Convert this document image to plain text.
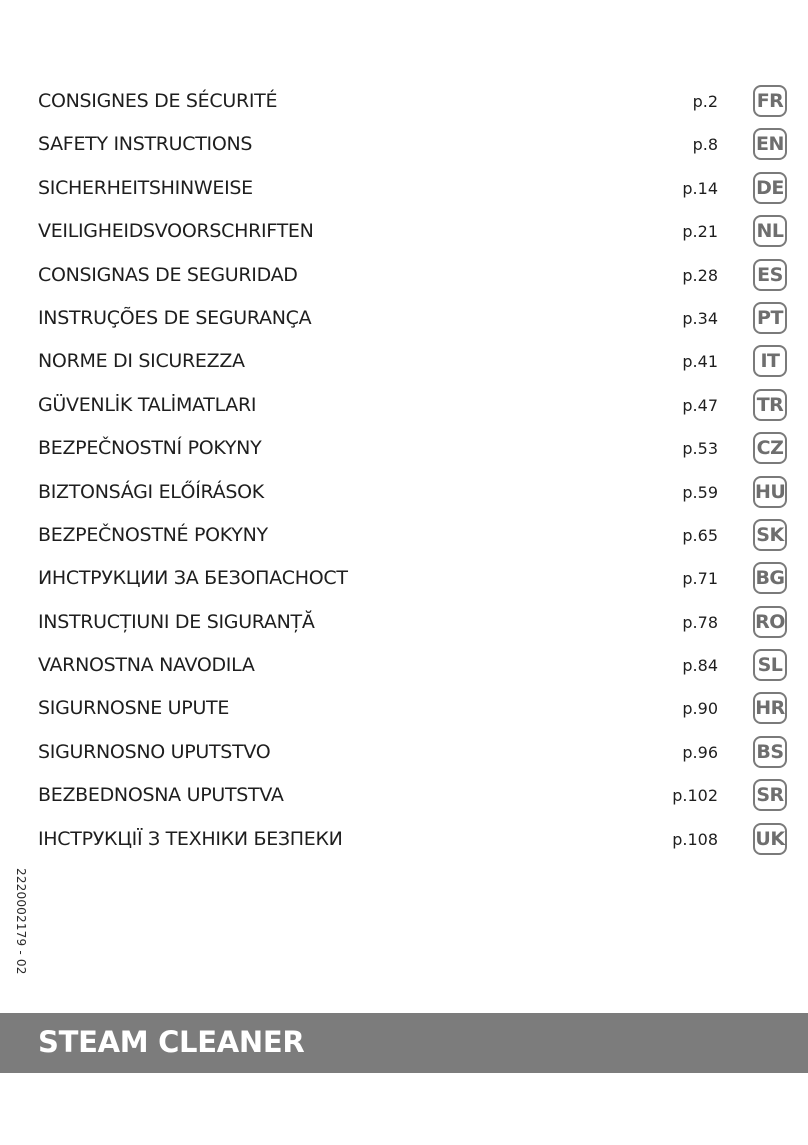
CONSIGNES DE SÉCURITÉ	p.2 FR
SAFETY INSTRUCTIONS	p.8 EN
SICHERHEITSHINWEISE	p.14 DE
VEILIGHEIDSVOORSCHRIFTEN	p.21 NL
CONSIGNAS DE SEGURIDAD	p.28 ES
INSTRUÇÕES DE SEGURANÇA	p.34 PT
NORME DI SICUREZZA	p.41	IT
GÜVENLİK TALİMATLARI	p.47 TR
BEZPEČNOSTNÍ POKYNY	p.53 CZ
BIZTONSÁGI ELŐÍRÁSOK	p.59 HU
BEZPEČNOSTNÉ POKYNY	p.65 SK
ИНСТРУКЦИИ ЗА БЕЗОПАСНОСТ	p.71 BG
INSTRUCȚIUNI DE SIGURANȚĂ	p.78 RO
VARNOSTNA NAVODILA	p.84 SL
SIGURNOSNE UPUTE	p.90 HR
SIGURNOSNO UPUTSTVO	p.96 BS
BEZBEDNOSNA UPUTSTVA	p.102 SR
ІНСТРУКЦІЇ З ТЕХНІКИ БЕЗПЕКИ	p.108 UK
2220002179 - 02
STEAM CLEANER
